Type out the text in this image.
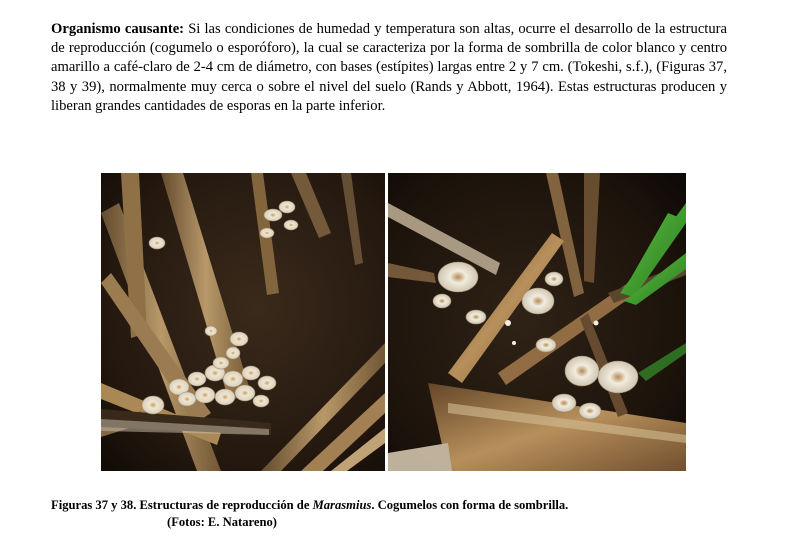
Organismo causante: Si las condiciones de humedad y temperatura son altas, ocurre el desarrollo de la estructura de reproducción (cogumelo o esporóforo), la cual se caracteriza por la forma de sombrilla de color blanco y centro amarillo a café-claro de 2-4 cm de diámetro, con bases (estípites) largas entre 2 y 7 cm. (Tokeshi, s.f.), (Figuras 37, 38 y 39), normalmente muy cerca o sobre el nivel del suelo (Rands y Abbott, 1964). Estas estructuras producen y liberan grandes cantidades de esporas en la parte inferior.
Figuras 37 y 38. Estructuras de reproducción de Marasmius. Cogumelos con forma de sombrilla.
(Fotos: E. Natareno)
